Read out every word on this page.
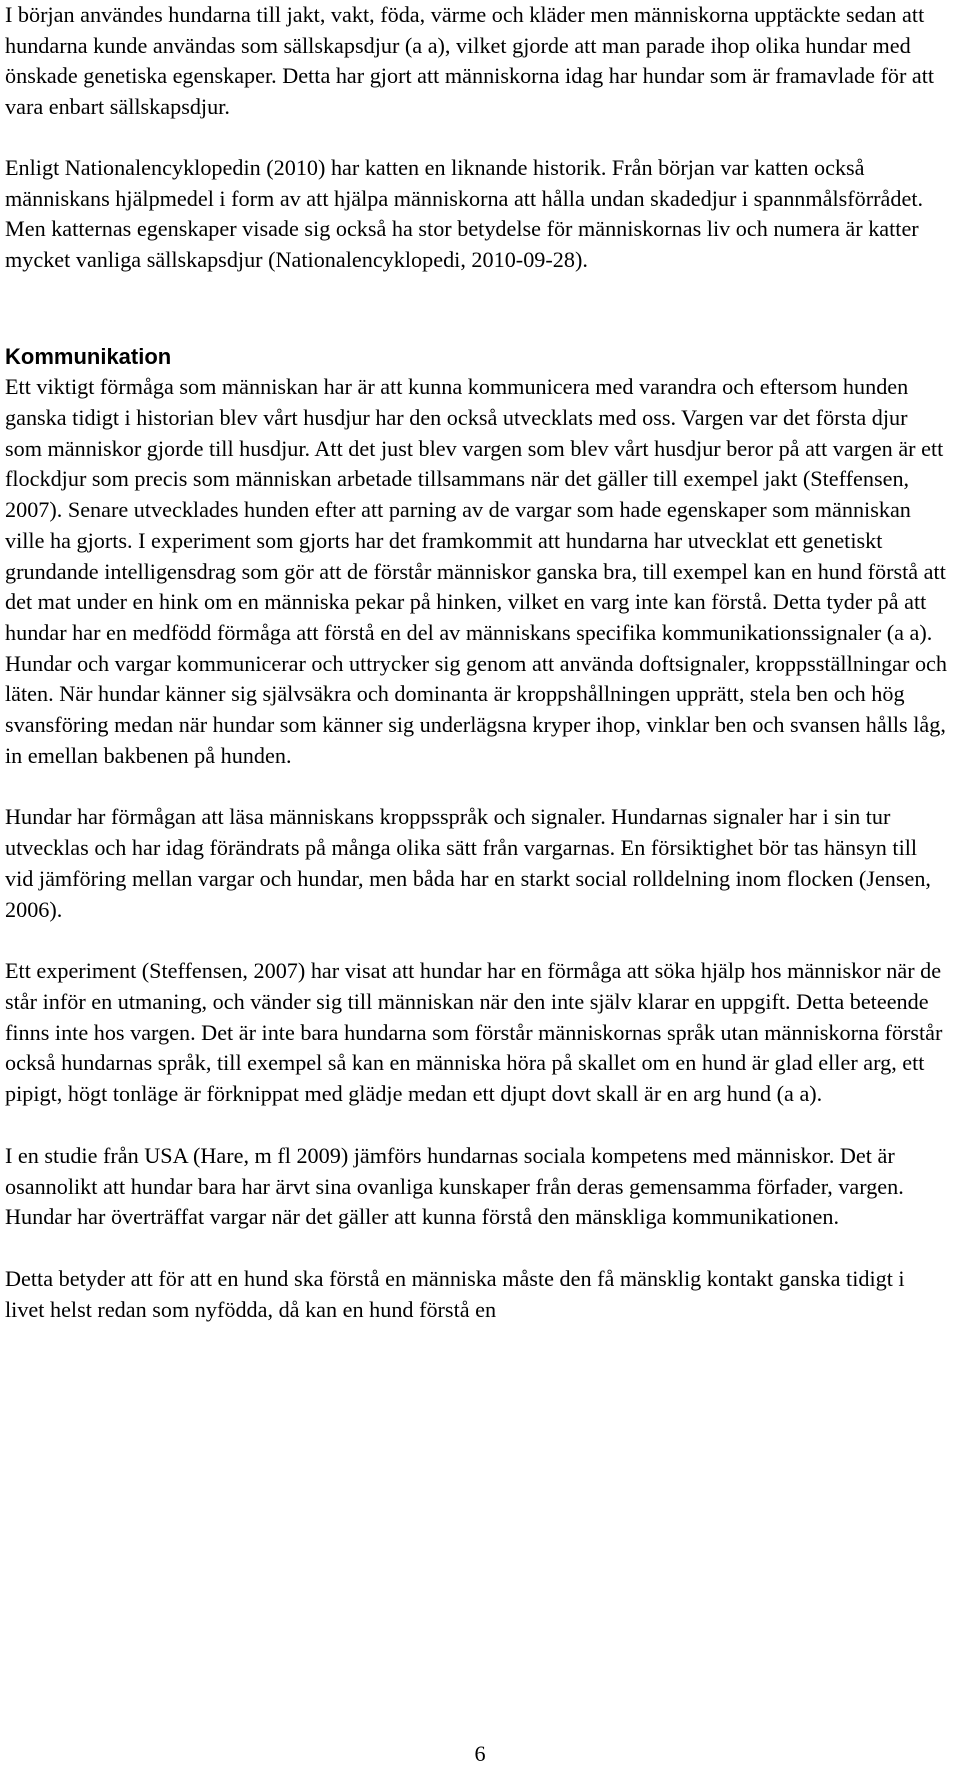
I början användes hundarna till jakt, vakt, föda, värme och kläder men människorna upptäckte sedan att hundarna kunde användas som sällskapsdjur (a a), vilket gjorde att man parade ihop olika hundar med önskade genetiska egenskaper. Detta har gjort att människorna idag har hundar som är framavlade för att vara enbart sällskapsdjur.

Enligt Nationalencyklopedin (2010) har katten en liknande historik. Från början var katten också människans hjälpmedel i form av att hjälpa människorna att hålla undan skadedjur i spannmålsförrådet. Men katternas egenskaper visade sig också ha stor betydelse för människornas liv och numera är katter mycket vanliga sällskapsdjur (Nationalencyklopedi, 2010-09-28).

Kommunikation

Ett viktigt förmåga som människan har är att kunna kommunicera med varandra och eftersom hunden ganska tidigt i historian blev vårt husdjur har den också utvecklats med oss. Vargen var det första djur som människor gjorde till husdjur. Att det just blev vargen som blev vårt husdjur beror på att vargen är ett flockdjur som precis som människan arbetade tillsammans när det gäller till exempel jakt (Steffensen, 2007). Senare utvecklades hunden efter att parning av de vargar som hade egenskaper som människan ville ha gjorts. I experiment som gjorts har det framkommit att hundarna har utvecklat ett genetiskt grundande intelligensdrag som gör att de förstår människor ganska bra, till exempel kan en hund förstå att det mat under en hink om en människa pekar på hinken, vilket en varg inte kan förstå. Detta tyder på att hundar har en medfödd förmåga att förstå en del av människans specifika kommunikationssignaler (a a). Hundar och vargar kommunicerar och uttrycker sig genom att använda doftsignaler, kroppsställningar och läten. När hundar känner sig självsäkra och dominanta är kroppshållningen upprätt, stela ben och hög svansföring medan när hundar som känner sig underlägsna kryper ihop, vinklar ben och svansen hålls låg, in emellan bakbenen på hunden.

Hundar har förmågan att läsa människans kroppsspråk och signaler. Hundarnas signaler har i sin tur utvecklas och har idag förändrats på många olika sätt från vargarnas. En försiktighet bör tas hänsyn till vid jämföring mellan vargar och hundar, men båda har en starkt social rolldelning inom flocken (Jensen, 2006).

Ett experiment (Steffensen, 2007) har visat att hundar har en förmåga att söka hjälp hos människor när de står inför en utmaning, och vänder sig till människan när den inte själv klarar en uppgift. Detta beteende finns inte hos vargen. Det är inte bara hundarna som förstår människornas språk utan människorna förstår också hundarnas språk, till exempel så kan en människa höra på skallet om en hund är glad eller arg, ett pipigt, högt tonläge är förknippat med glädje medan ett djupt dovt skall är en arg hund (a a).

I en studie från USA (Hare, m fl 2009) jämförs hundarnas sociala kompetens med människor. Det är osannolikt att hundar bara har ärvt sina ovanliga kunskaper från deras gemensamma förfader, vargen. Hundar har överträffat vargar när det gäller att kunna förstå den mänskliga kommunikationen.

Detta betyder att för att en hund ska förstå en människa måste den få mänsklig kontakt ganska tidigt i livet helst redan som nyfödda, då kan en hund förstå en

6
